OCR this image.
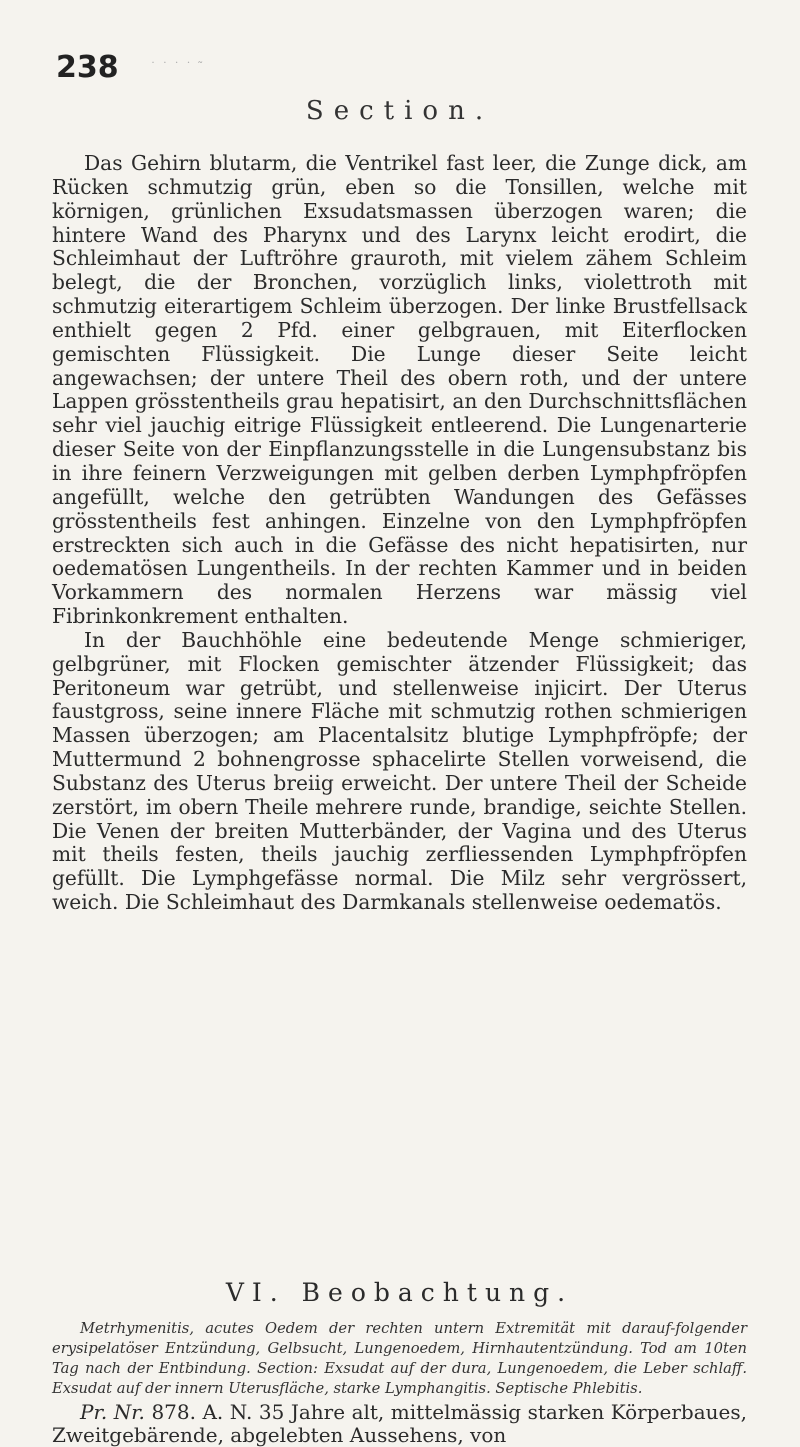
238	˙ ˙ ˙ ˙ ˜
Section.

Das Gehirn blutarm, die Ventrikel fast leer, die Zunge dick, am Rücken schmutzig grün, eben so die Tonsillen, welche mit körnigen, grünlichen Exsudatsmassen überzogen waren; die hintere Wand des Pharynx und des Larynx leicht erodirt, die Schleimhaut der Luftröhre grauroth, mit vielem zähem Schleim belegt, die der Bronchen, vorzüglich links, violettroth mit schmutzig eiterartigem Schleim überzogen. Der linke Brustfellsack enthielt gegen 2 Pfd. einer gelbgrauen, mit Eiterflocken gemischten Flüssigkeit. Die Lunge dieser Seite leicht angewachsen; der untere Theil des obern roth, und der untere Lappen grösstentheils grau hepatisirt, an den Durchschnittsflächen sehr viel jauchig eitrige Flüssigkeit entleerend. Die Lungenarterie dieser Seite von der Einpflanzungsstelle in die Lungensubstanz bis in ihre feinern Verzweigungen mit gelben derben Lymphpfröpfen angefüllt, welche den getrübten Wandungen des Gefässes grösstentheils fest anhingen. Einzelne von den Lymphpfröpfen erstreckten sich auch in die Gefässe des nicht hepatisirten, nur oedematösen Lungentheils. In der rechten Kammer und in beiden Vorkammern des normalen Herzens war mässig viel Fibrinkonkrement enthalten.

In der Bauchhöhle eine bedeutende Menge schmieriger, gelbgrüner, mit Flocken gemischter ätzender Flüssigkeit; das Peritoneum war getrübt, und stellenweise injicirt. Der Uterus faustgross, seine innere Fläche mit schmutzig rothen schmierigen Massen überzogen; am Placentalsitz blutige Lymphpfröpfe; der Muttermund 2 bohnengrosse sphacelirte Stellen vorweisend, die Substanz des Uterus breiig erweicht. Der untere Theil der Scheide zerstört, im obern Theile mehrere runde, brandige, seichte Stellen. Die Venen der breiten Mutterbänder, der Vagina und des Uterus mit theils festen, theils jauchig zerfliessenden Lymphpfröpfen gefüllt. Die Lymphgefässe normal. Die Milz sehr vergrössert, weich. Die Schleimhaut des Darmkanals stellenweise oedematös.

VI. Beobachtung.
Metrhymenitis, acutes Oedem der rechten untern Extremität mit darauf-folgender erysipelatöser Entzündung, Gelbsucht, Lungenoedem, Hirnhautentzündung. Tod am 10ten Tag nach der Entbindung. Section: Exsudat auf der dura, Lungenoedem, die Leber schlaff. Exsudat auf der innern Uterusfläche, starke Lymphangitis. Septische Phlebitis.
Pr. Nr. 878. A. N. 35 Jahre alt, mittelmässig starken Körperbaues, Zweitgebärende, abgelebten Aussehens, von
